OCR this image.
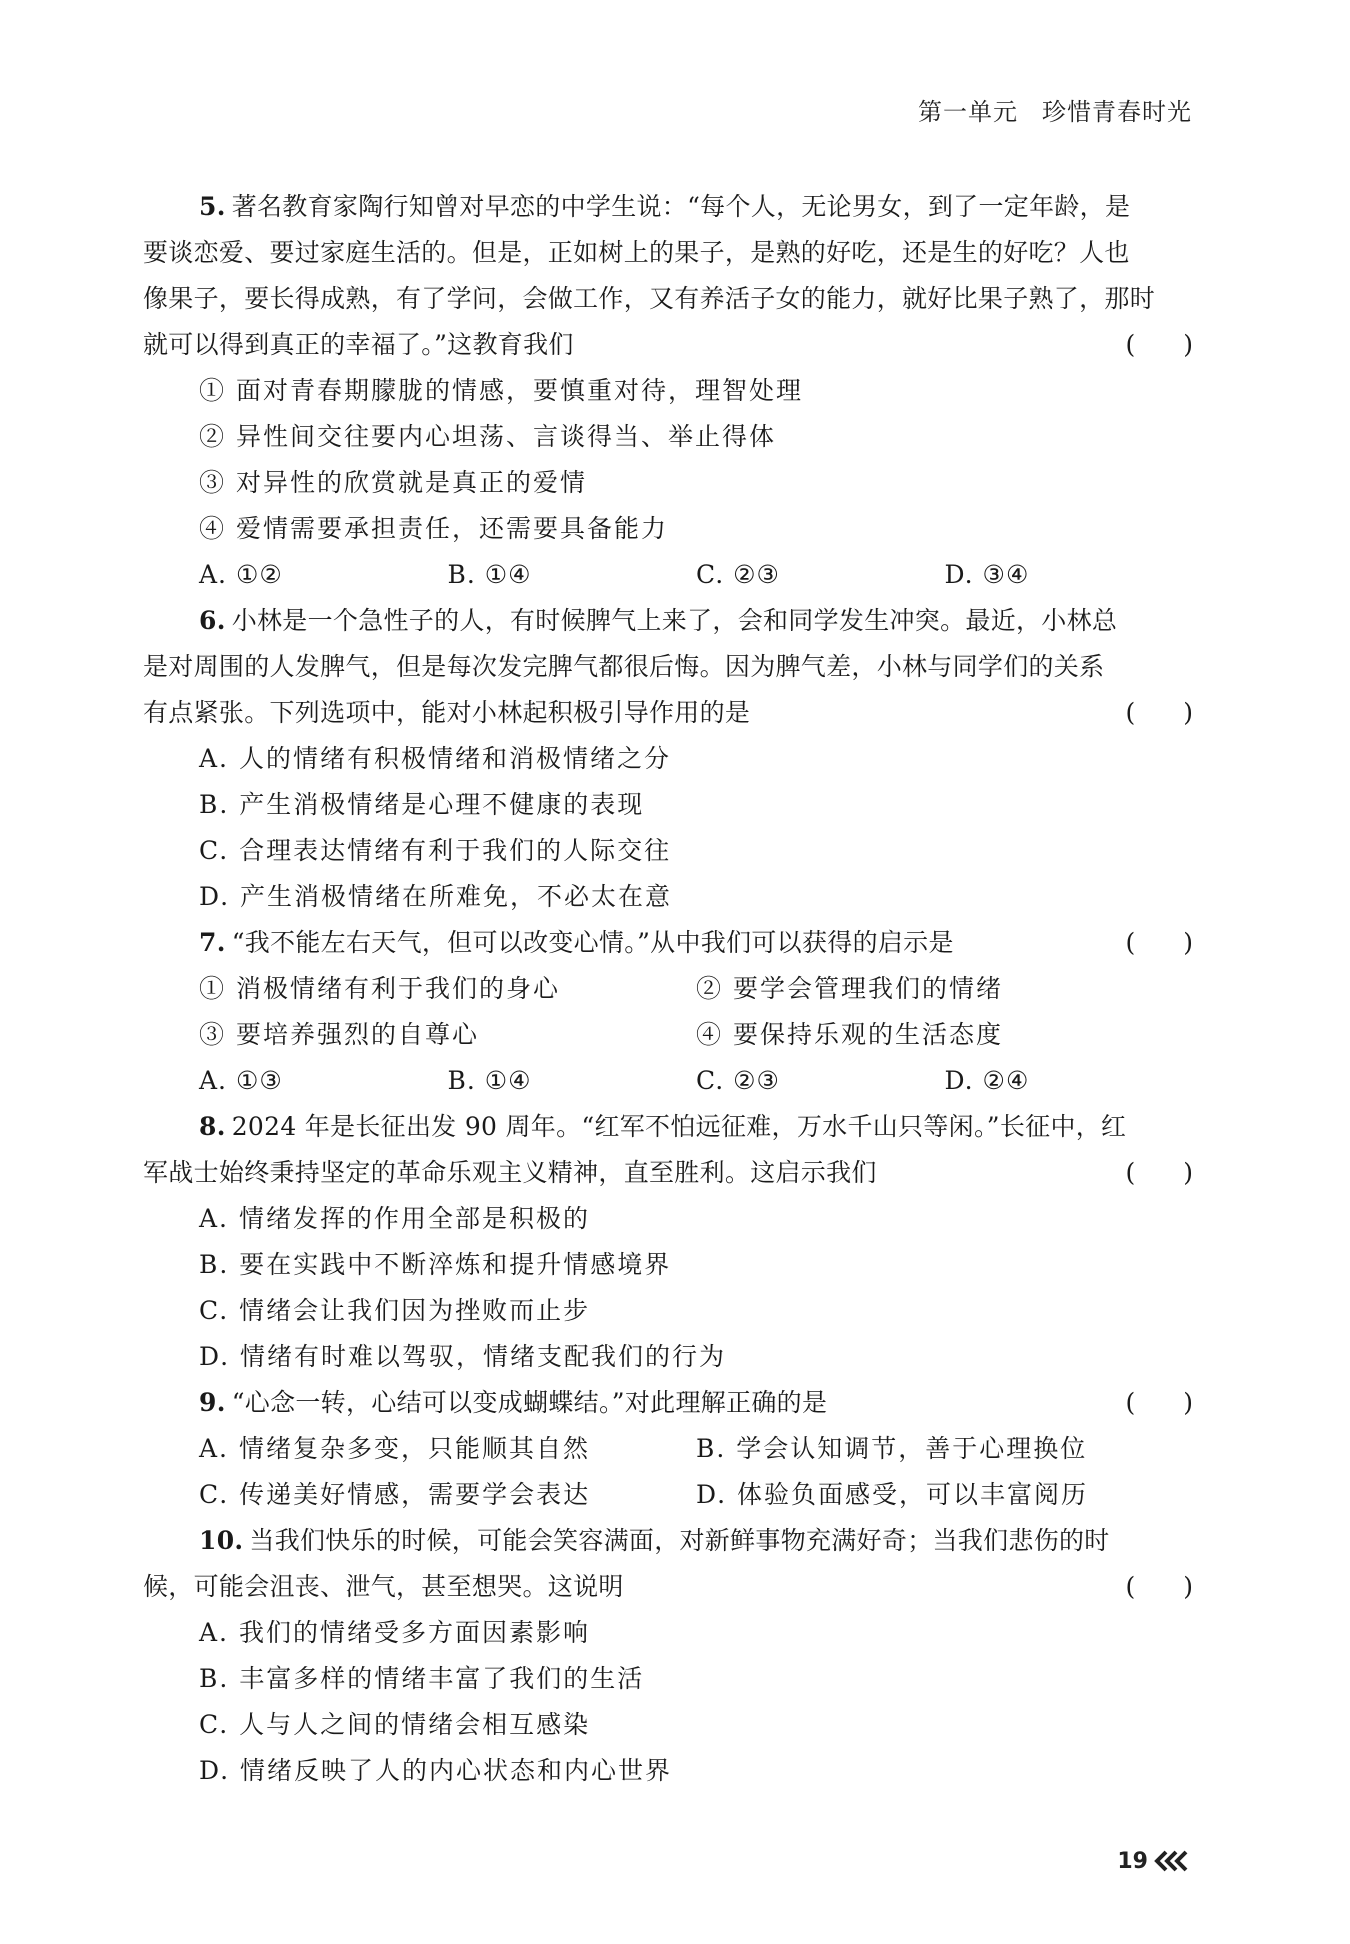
第一单元 珍惜青春时光
5. 著名教育家陶行知曾对早恋的中学生说：“每个人，无论男女，到了一定年龄，是
要谈恋爱、要过家庭生活的。但是，正如树上的果子，是熟的好吃，还是生的好吃？人也
像果子，要长得成熟，有了学问，会做工作，又有养活子女的能力，就好比果子熟了，那时
就可以得到真正的幸福了。”这教育我们	( )
① 面对青春期朦胧的情感，要慎重对待，理智处理
② 异性间交往要内心坦荡、言谈得当、举止得体
③ 对异性的欣赏就是真正的爱情
④ 爱情需要承担责任，还需要具备能力
A. ①②	B. ①④	C. ②③	D. ③④
6. 小林是一个急性子的人，有时候脾气上来了，会和同学发生冲突。最近，小林总
是对周围的人发脾气，但是每次发完脾气都很后悔。因为脾气差，小林与同学们的关系
有点紧张。下列选项中，能对小林起积极引导作用的是	( )
A. 人的情绪有积极情绪和消极情绪之分
B. 产生消极情绪是心理不健康的表现
C. 合理表达情绪有利于我们的人际交往
D. 产生消极情绪在所难免，不必太在意
7. “我不能左右天气，但可以改变心情。”从中我们可以获得的启示是	( )
① 消极情绪有利于我们的身心	② 要学会管理我们的情绪
③ 要培养强烈的自尊心	④ 要保持乐观的生活态度
A. ①③	B. ①④	C. ②③	D. ②④
8. 2024 年是长征出发 90 周年。“红军不怕远征难，万水千山只等闲。”长征中，红
军战士始终秉持坚定的革命乐观主义精神，直至胜利。这启示我们	( )
A. 情绪发挥的作用全部是积极的
B. 要在实践中不断淬炼和提升情感境界
C. 情绪会让我们因为挫败而止步
D. 情绪有时难以驾驭，情绪支配我们的行为
9. “心念一转，心结可以变成蝴蝶结。”对此理解正确的是	( )
A. 情绪复杂多变，只能顺其自然	B. 学会认知调节，善于心理换位
C. 传递美好情感，需要学会表达	D. 体验负面感受，可以丰富阅历
10. 当我们快乐的时候，可能会笑容满面，对新鲜事物充满好奇；当我们悲伤的时
候，可能会沮丧、泄气，甚至想哭。这说明	( )
A. 我们的情绪受多方面因素影响
B. 丰富多样的情绪丰富了我们的生活
C. 人与人之间的情绪会相互感染
D. 情绪反映了人的内心状态和内心世界
19
